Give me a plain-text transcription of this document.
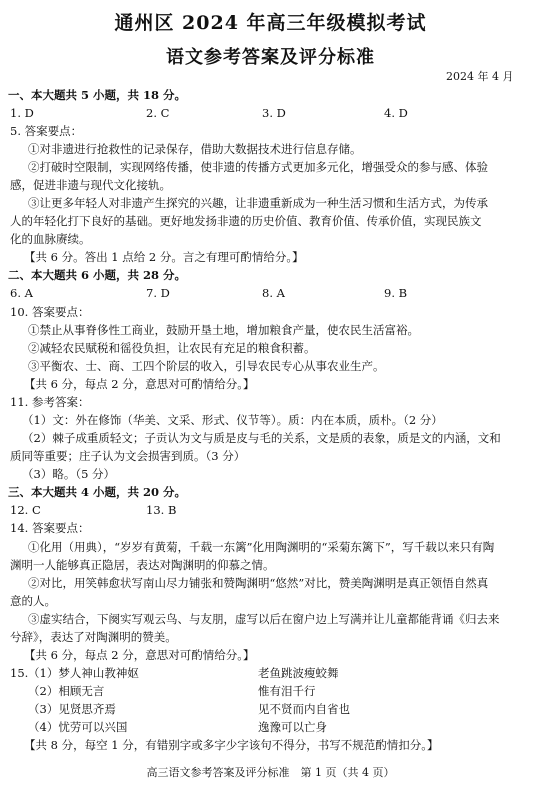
通州区 2024 年高三年级模拟考试
语文参考答案及评分标准
2024 年 4 月
一、本大题共 5 小题，共 18 分。
1. D	2. C	3. D	4. D
5. 答案要点：
①对非遗进行抢救性的记录保存，借助大数据技术进行信息存储。
②打破时空限制，实现网络传播，使非遗的传播方式更加多元化，增强受众的参与感、体验
感，促进非遗与现代文化接轨。
③让更多年轻人对非遗产生探究的兴趣，让非遗重新成为一种生活习惯和生活方式，为传承
人的年轻化打下良好的基础。更好地发扬非遗的历史价值、教育价值、传承价值，实现民族文
化的血脉赓续。
【共 6 分。答出 1 点给 2 分。言之有理可酌情给分。】
二、本大题共 6 小题，共 28 分。
6. A	7. D	8. A	9. B
10. 答案要点：
①禁止从事脊侈性工商业，鼓励开垦土地，增加粮食产量，使农民生活富裕。
②减轻农民赋税和徭役负担，让农民有充足的粮食积蓄。
③平衡农、士、商、工四个阶层的收入，引导农民专心从事农业生产。
【共 6 分，每点 2 分，意思对可酌情给分。】
11. 参考答案：
（1）文：外在修饰（华美、文采、形式、仪节等）。质：内在本质，质朴。（2 分）
（2）棘子成重质轻文；子贡认为文与质是皮与毛的关系，文是质的表象，质是文的内涵，文和
质同等重要；庄子认为文会损害到质。（3 分）
（3）略。（5 分）
三、本大题共 4 小题，共 20 分。
12. C	13. B
14. 答案要点：
①化用（用典），“岁岁有黄菊，千载一东篱”化用陶渊明的“采菊东篱下”，写千载以来只有陶
渊明一人能够真正隐居，表达对陶渊明的仰慕之情。
②对比，用笑韩愈状写南山尽力铺张和赞陶渊明“悠然”对比，赞美陶渊明是真正领悟自然真
意的人。
③虚实结合，下阕实写观云鸟、与友朋，虚写以后在窗户边上写满并让儿童都能背诵《归去来
兮辞》，表达了对陶渊明的赞美。
【共 6 分，每点 2 分，意思对可酌情给分。】
15. （1）梦人神山教神妪	老鱼跳波瘦蛟舞
（2）相顾无言	惟有泪千行
（3）见贤思齐焉	见不贤而内自省也
（4）忧劳可以兴国	逸豫可以亡身
【共 8 分，每空 1 分，有错别字或多字少字该句不得分，书写不规范酌情扣分。】
高三语文参考答案及评分标准　第 1 页（共 4 页）
